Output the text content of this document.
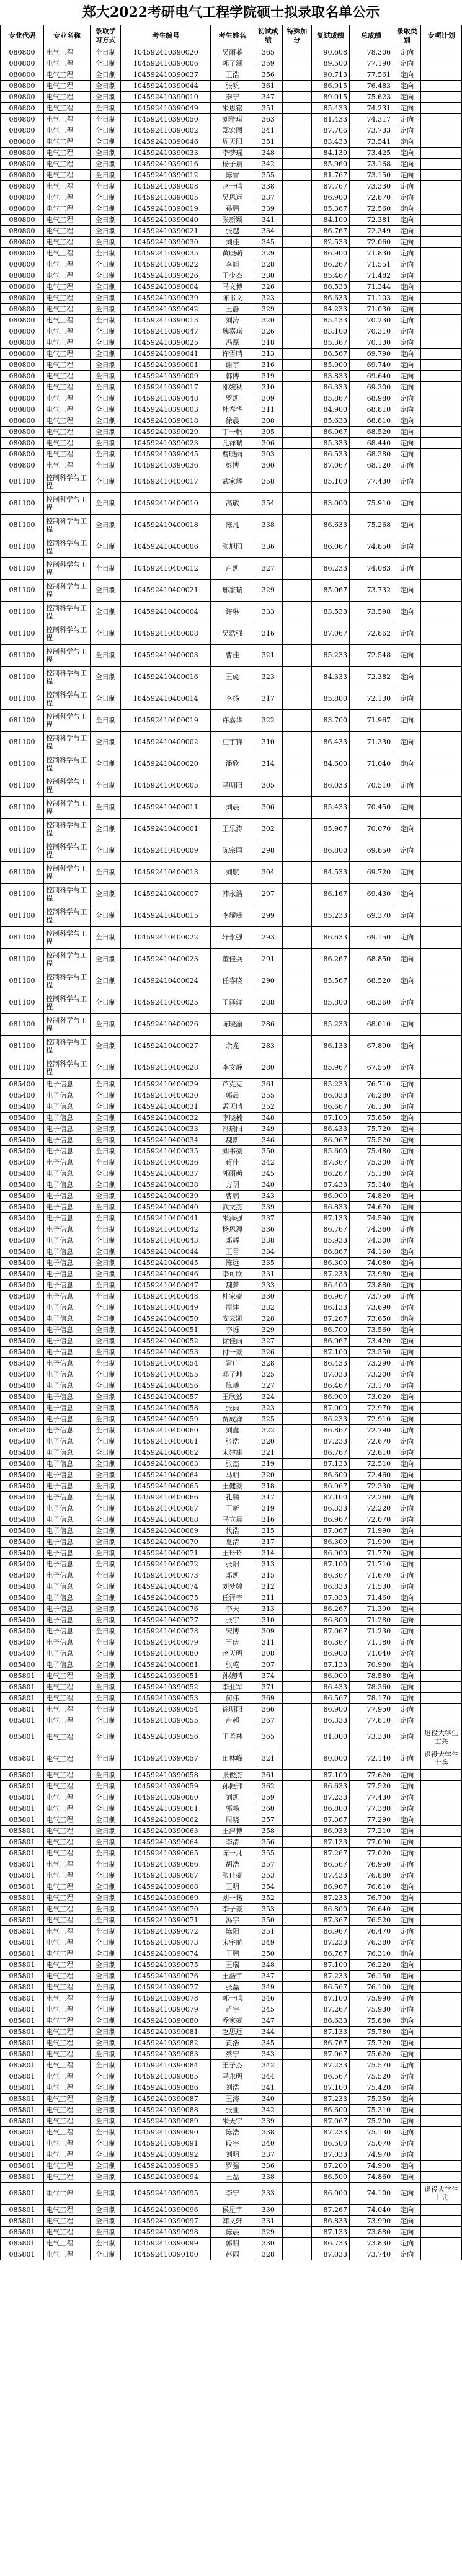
郑大2022考研电气工程学院硕士拟录取名单公示
专业代码	专业名称	录取学习方式	考生编号	考生姓名	初试成绩	特殊加分	复试成绩	总成绩	录取类别	专项计划
080800	电气工程	全日制	104592410390020	吴雨菲	365		90.608	78.306	定向	
080800	电气工程	全日制	104592410390006	郭子涵	359		89.500	77.190	定向	
080800	电气工程	全日制	104592410390037	王浩	356		90.713	77.561	定向	
080800	电气工程	全日制	104592410390044	张帆	361		86.915	76.483	定向	
080800	电气工程	全日制	104592410390010	秦宁	347		89.015	75.623	定向	
080800	电气工程	全日制	104592410390049	朱思铭	351		85.433	74.231	定向	
080800	电气工程	全日制	104592410390050	刘雅琪	363		81.433	74.317	定向	
080800	电气工程	全日制	104592410390002	郑宏图	341		87.706	73.733	定向	
080800	电气工程	全日制	104592410390046	周天阳	351		83.433	73.541	定向	
080800	电气工程	全日制	104592410390033	李梦瑶	348		84.130	73.425	定向	
080800	电气工程	全日制	104592410390016	杨子晨	342		85.960	73.168	定向	
080800	电气工程	全日制	104592410390012	陈雪	355		81.767	73.150	定向	
080800	电气工程	全日制	104592410390008	赵一鸣	338		87.767	73.330	定向	
080800	电气工程	全日制	104592410390005	吴思远	337		86.900	72.870	定向	
080800	电气工程	全日制	104592410390019	孙鹏	339		85.367	72.560	定向	
080800	电气工程	全日制	104592410390040	张新颖	341		84.100	72.381	定向	
080800	电气工程	全日制	104592410390021	张越	334		86.767	72.349	定向	
080800	电气工程	全日制	104592410390030	刘佳	345		82.533	72.060	定向	
080800	电气工程	全日制	104592410390035	黄晓萌	329		86.900	71.830	定向	
080800	电气工程	全日制	104592410390022	李旭	328		86.267	71.551	定向	
080800	电气工程	全日制	104592410390026	王少杰	330		85.467	71.482	定向	
080800	电气工程	全日制	104592410390004	马文博	326		86.533	71.344	定向	
080800	电气工程	全日制	104592410390039	陈书文	323		86.633	71.103	定向	
080800	电气工程	全日制	104592410390042	王静	329		84.233	71.030	定向	
080800	电气工程	全日制	104592410390013	刘涛	320		85.433	70.230	定向	
080800	电气工程	全日制	104592410390047	魏嘉琪	326		83.100	70.310	定向	
080800	电气工程	全日制	104592410390025	冯磊	318		85.367	70.130	定向	
080800	电气工程	全日制	104592410390041	许雪晴	313		86.567	69.790	定向	
080800	电气工程	全日制	104592410390001	谢宇	316		85.000	69.740	定向	
080800	电气工程	全日制	104592410390009	韩博	319		83.833	69.640	定向	
080800	电气工程	全日制	104592410390017	邵婉秋	310		86.333	69.300	定向	
080800	电气工程	全日制	104592410390048	罗凯	309		85.867	68.980	定向	
080800	电气工程	全日制	104592410390003	杜春华	311		84.900	68.810	定向	
080800	电气工程	全日制	104592410390018	徐晨	308		85.633	68.810	定向	
080800	电气工程	全日制	104592410390029	丁一帆	305		86.067	68.520	定向	
080800	电气工程	全日制	104592410390023	孔祥瑞	306		85.333	68.440	定向	
080800	电气工程	全日制	104592410390045	曹晓雨	303		86.533	68.380	定向	
080800	电气工程	全日制	104592410390036	彭博	300		87.067	68.120	定向	
081100	控制科学与工程	全日制	104592410400017	武家辉	358		85.100	77.430	定向	
081100	控制科学与工程	全日制	104592410400010	高敏	354		83.000	75.910	定向	
081100	控制科学与工程	全日制	104592410400018	陈凡	338		86.633	75.268	定向	
081100	控制科学与工程	全日制	104592410400006	张旭阳	336		86.067	74.850	定向	
081100	控制科学与工程	全日制	104592410400012	卢凯	327		86.233	74.083	定向	
081100	控制科学与工程	全日制	104592410400021	邢家瑞	329		85.067	73.732	定向	
081100	控制科学与工程	全日制	104592410400004	许琳	333		83.533	73.598	定向	
081100	控制科学与工程	全日制	104592410400008	吴浩强	316		87.067	72.862	定向	
081100	控制科学与工程	全日制	104592410400003	曹佳	321		85.233	72.548	定向	
081100	控制科学与工程	全日制	104592410400016	王虎	323		84.333	72.382	定向	
081100	控制科学与工程	全日制	104592410400014	李扬	317		85.800	72.130	定向	
081100	控制科学与工程	全日制	104592410400019	许嘉华	322		83.700	71.967	定向	
081100	控制科学与工程	全日制	104592410400002	庄宇锋	310		86.433	71.330	定向	
081100	控制科学与工程	全日制	104592410400020	潘欣	314		84.600	71.040	定向	
081100	控制科学与工程	全日制	104592410400005	马明阳	305		86.033	70.510	定向	
081100	控制科学与工程	全日制	104592410400011	刘晨	306		85.433	70.450	定向	
081100	控制科学与工程	全日制	104592410400001	王乐涛	302		85.967	70.070	定向	
081100	控制科学与工程	全日制	104592410400009	陈宗国	298		86.800	69.850	定向	
081100	控制科学与工程	全日制	104592410400013	刘航	304		84.533	69.720	定向	
081100	控制科学与工程	全日制	104592410400007	韩永浩	297		86.167	69.430	定向	
081100	控制科学与工程	全日制	104592410400015	李耀威	299		85.233	69.370	定向	
081100	控制科学与工程	全日制	104592410400022	轩永强	293		86.633	69.150	定向	
081100	控制科学与工程	全日制	104592410400023	董佳兵	291		86.267	68.850	定向	
081100	控制科学与工程	全日制	104592410400024	任睿晓	290		85.567	68.520	定向	
081100	控制科学与工程	全日制	104592410400025	王泽洋	288		85.800	68.360	定向	
081100	控制科学与工程	全日制	104592410400026	陈晓渝	286		85.233	68.010	定向	
081100	控制科学与工程	全日制	104592410400027	余龙	283		86.133	67.890	定向	
081100	控制科学与工程	全日制	104592410400028	李文静	280		85.967	67.550	定向	
085400	电子信息	全日制	104592410400029	芦克克	361		85.233	76.710	定向	
085400	电子信息	全日制	104592410400030	郭晨	355		86.033	76.280	定向	
085400	电子信息	全日制	104592410400031	孟天晴	352		86.667	76.130	定向	
085400	电子信息	全日制	104592410400032	李晓楠	348		87.100	75.850	定向	
085400	电子信息	全日制	104592410400033	冯瑞阳	349		86.433	75.720	定向	
085400	电子信息	全日制	104592410400034	魏新	346		86.967	75.520	定向	
085400	电子信息	全日制	104592410400035	刘书豪	350		85.600	75.480	定向	
085400	电子信息	全日制	104592410400036	蒋佳	342		87.367	75.300	定向	
085400	电子信息	全日制	104592410400037	郭雨萌	345		86.267	75.180	定向	
085400	电子信息	全日制	104592410400038	方玥	340		87.433	75.140	定向	
085400	电子信息	全日制	104592410400039	曹鹏	343		86.000	74.820	定向	
085400	电子信息	全日制	104592410400040	武文杰	339		86.833	74.670	定向	
085400	电子信息	全日制	104592410400041	朱泽强	337		87.133	74.590	定向	
085400	电子信息	全日制	104592410400042	杨思源	336		86.767	74.360	定向	
085400	电子信息	全日制	104592410400043	邓辉	338		85.933	74.300	定向	
085400	电子信息	全日制	104592410400044	王雪	334		86.867	74.160	定向	
085400	电子信息	全日制	104592410400045	陈远	335		86.300	74.080	定向	
085400	电子信息	全日制	104592410400046	李可欣	331		87.233	73.980	定向	
085400	电子信息	全日制	104592410400047	魏萧	333		86.400	73.880	定向	
085400	电子信息	全日制	104592410400048	杜家豪	330		86.967	73.750	定向	
085400	电子信息	全日制	104592410400049	周建	332		86.133	73.690	定向	
085400	电子信息	全日制	104592410400050	安云凯	328		87.267	73.650	定向	
085400	电子信息	全日制	104592410400051	李烁	329		86.700	73.560	定向	
085400	电子信息	全日制	104592410400052	徐佳雨	327		86.967	73.420	定向	
085400	电子信息	全日制	104592410400053	付一豪	326		87.100	73.350	定向	
085400	电子信息	全日制	104592410400054	雷广	328		86.433	73.290	定向	
085400	电子信息	全日制	104592410400055	邓子坤	325		87.033	73.200	定向	
085400	电子信息	全日制	104592410400056	陈曦	327		86.467	73.170	定向	
085400	电子信息	全日制	104592410400057	王欣然	324		86.900	73.020	定向	
085400	电子信息	全日制	104592410400058	张雨	323		87.000	72.970	定向	
085400	电子信息	全日制	104592410400059	贾成洋	325		86.233	72.910	定向	
085400	电子信息	全日制	104592410400060	刘鑫	322		86.867	72.790	定向	
085400	电子信息	全日制	104592410400061	张浩	320		87.233	72.670	定向	
085400	电子信息	全日制	104592410400062	宋建康	321		86.767	72.610	定向	
085400	电子信息	全日制	104592410400063	张杰	319		87.133	72.510	定向	
085400	电子信息	全日制	104592410400064	马明	320		86.600	72.460	定向	
085400	电子信息	全日制	104592410400065	王健豪	318		86.967	72.330	定向	
085400	电子信息	全日制	104592410400066	孔鹏	317		87.100	72.260	定向	
085400	电子信息	全日制	104592410400067	王新	319		86.333	72.220	定向	
085400	电子信息	全日制	104592410400068	马立晨	316		86.967	72.070	定向	
085400	电子信息	全日制	104592410400069	代浩	315		87.067	71.990	定向	
085400	电子信息	全日制	104592410400070	夏清	317		86.300	71.900	定向	
085400	电子信息	全日制	104592410400071	王玲玲	314		86.900	71.770	定向	
085400	电子信息	全日制	104592410400072	张阳	313		87.100	71.710	定向	
085400	电子信息	全日制	104592410400073	邓凯	315		86.367	71.670	定向	
085400	电子信息	全日制	104592410400074	刘梦婷	312		86.833	71.530	定向	
085400	电子信息	全日制	104592410400075	任泽宇	311		87.033	71.460	定向	
085400	电子信息	全日制	104592410400076	李天	313		86.267	71.390	定向	
085400	电子信息	全日制	104592410400077	张宇	310		86.800	71.280	定向	
085400	电子信息	全日制	104592410400078	宋博	309		87.067	71.230	定向	
085400	电子信息	全日制	104592410400079	王庆	311		86.367	71.180	定向	
085400	电子信息	全日制	104592410400080	赵天明	308		86.900	71.040	定向	
085400	电子信息	全日制	104592410400081	张乾	307		87.133	70.980	定向	
085801	电气工程	全日制	104592410390051	孙婉晴	374		86.000	78.580	定向	
085801	电气工程	全日制	104592410390052	李亚军	371		86.433	78.360	定向	
085801	电气工程	全日制	104592410390053	何伟	369		86.567	78.170	定向	
085801	电气工程	全日制	104592410390054	徐明阳	366		86.900	77.950	定向	
085801	电气工程	全日制	104592410390055	卢超	367		86.333	77.810	定向	
085801	电气工程	全日制	104592410390056	王若林	365		81.000	73.330	定向	退役大学生士兵
085801	电气工程	全日制	104592410390057	田林峰	321		80.000	72.140	定向	退役大学生士兵
085801	电气工程	全日制	104592410390058	张俊杰	361		87.100	77.620	定向	
085801	电气工程	全日制	104592410390059	孙振邦	362		86.633	77.520	定向	
085801	电气工程	全日制	104592410390060	刘凯	359		87.233	77.430	定向	
085801	电气工程	全日制	104592410390061	郭畅	360		86.800	77.380	定向	
085801	电气工程	全日制	104592410390062	周晓	357		87.367	77.290	定向	
085801	电气工程	全日制	104592410390063	王津博	358		86.933	77.210	定向	
085801	电气工程	全日制	104592410390064	李清	356		87.133	77.090	定向	
085801	电气工程	全日制	104592410390065	陈一凡	355		87.267	77.020	定向	
085801	电气工程	全日制	104592410390066	胡浩	357		86.567	76.950	定向	
085801	电气工程	全日制	104592410390067	张佳豪	353		87.433	76.880	定向	
085801	电气工程	全日制	104592410390068	王明	354		86.967	76.810	定向	
085801	电气工程	全日制	104592410390069	刘一诺	352		87.233	76.700	定向	
085801	电气工程	全日制	104592410390070	李子豪	353		86.800	76.640	定向	
085801	电气工程	全日制	104592410390071	冯宇	350		87.367	76.520	定向	
085801	电气工程	全日制	104592410390072	陈阳	351		86.967	76.470	定向	
085801	电气工程	全日制	104592410390073	宋宇航	349		87.233	76.380	定向	
085801	电气工程	全日制	104592410390074	王鹏	350		86.767	76.310	定向	
085801	电气工程	全日制	104592410390075	王瑞	348		87.100	76.220	定向	
085801	电气工程	全日制	104592410390076	王浩宇	347		87.233	76.150	定向	
085801	电气工程	全日制	104592410390077	张磊	349		86.567	76.100	定向	
085801	电气工程	全日制	104592410390078	郭一鸣	346		87.100	75.990	定向	
085801	电气工程	全日制	104592410390079	苗宇	345		87.267	75.930	定向	
085801	电气工程	全日制	104592410390080	乔家豪	347		86.633	75.880	定向	
085801	电气工程	全日制	104592410390081	赵思远	344		87.133	75.780	定向	
085801	电气工程	全日制	104592410390082	黄浩	345		86.767	75.720	定向	
085801	电气工程	全日制	104592410390083	蔡宁	343		87.067	75.620	定向	
085801	电气工程	全日制	104592410390084	王子杰	342		87.233	75.570	定向	
085801	电气工程	全日制	104592410390085	马永明	344		86.567	75.520	定向	
085801	电气工程	全日制	104592410390086	刘浩	341		87.100	75.420	定向	
085801	电气工程	全日制	104592410390087	王涛	340		87.233	75.350	定向	
085801	电气工程	全日制	104592410390088	张亚	342		86.600	75.310	定向	
085801	电气工程	全日制	104592410390089	朱天宇	339		87.067	75.200	定向	
085801	电气工程	全日制	104592410390090	陈浩	338		87.233	75.130	定向	
085801	电气工程	全日制	104592410390091	段宇	340		86.500	75.070	定向	
085801	电气工程	全日制	104592410390092	刘明	337		87.033	74.970	定向	
085801	电气工程	全日制	104592410390093	罗强	336		87.200	74.900	定向	
085801	电气工程	全日制	104592410390094	王磊	338		86.500	74.860	定向	
085801	电气工程	全日制	104592410390095	李宁	333		86.000	74.100	定向	退役大学生士兵
085801	电气工程	全日制	104592410390096	侯星宇	330		87.267	74.040	定向	
085801	电气工程	全日制	104592410390097	韩文轩	331		86.833	73.990	定向	
085801	电气工程	全日制	104592410390098	陈晨	329		87.133	73.880	定向	
085801	电气工程	全日制	104592410390099	郭明	330		86.733	73.830	定向	
085801	电气工程	全日制	104592410390100	赵雨	328		87.033	73.740	定向	
